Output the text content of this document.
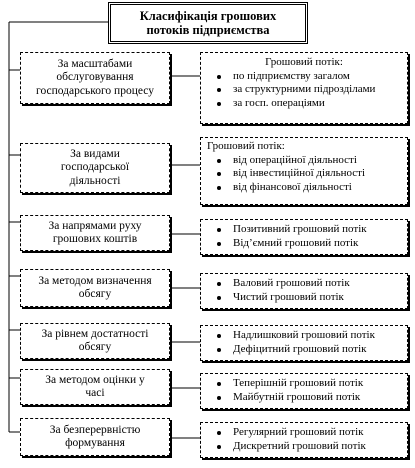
Класифікація грошових
потоків підприємства
За масштабами
обслуговування
господарського процесу
Грошовий потік:
по підприємству загалом
за структурними підрозділами
за госп. операціями
За видами
господарської
діяльності
Грошовий потік:
від операційної діяльності
від інвестиційної діяльності
від фінансової діяльності
За напрямами руху
грошових коштів
Позитивний грошовий потік
Від’ємний грошовий потік
За методом визначення
обсягу
Валовий грошовий потік
Чистий грошовий потік
За рівнем достатності
обсягу
Надлишковий грошовий потік
Дефіцитний грошовий потік
За методом оцінки у
часі
Теперішній грошовий потік
Майбутній грошовий потік
За безперервністю
формування
Регулярний грошовий потік
Дискретний грошовий потік
